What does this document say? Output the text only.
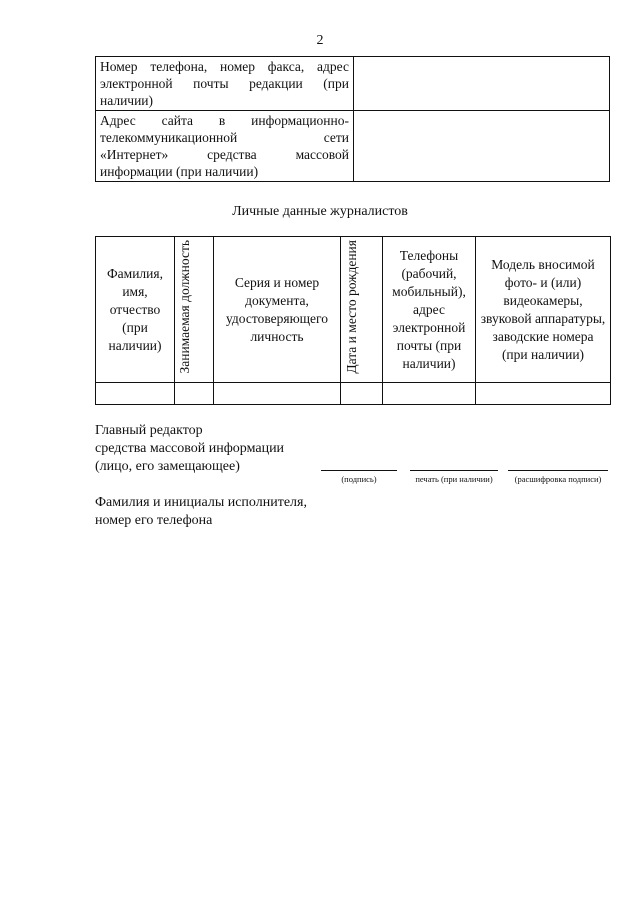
2
Номер телефона, номер факса, адрес
электронной почты редакции (при
наличии)	

Адрес сайта в информационно-
телекоммуникационной сети
«Интернет» средства массовой
информации (при наличии)	

Личные данные журналистов
Фамилия, имя, отчество (при наличии)	Занимаемая должность	Серия и номер документа, удостоверяющего личность	Дата и место рождения	Телефоны (рабочий, мобильный), адрес электронной почты (при наличии)	Модель вносимой фото- и (или) видеокамеры, звуковой аппаратуры, заводские номера (при наличии)

Главный редактор
средства массовой информации
(лицо, его замещающее)
(подпись)	печать (при наличии)	(расшифровка подписи)
Фамилия и инициалы исполнителя,
номер его телефона
